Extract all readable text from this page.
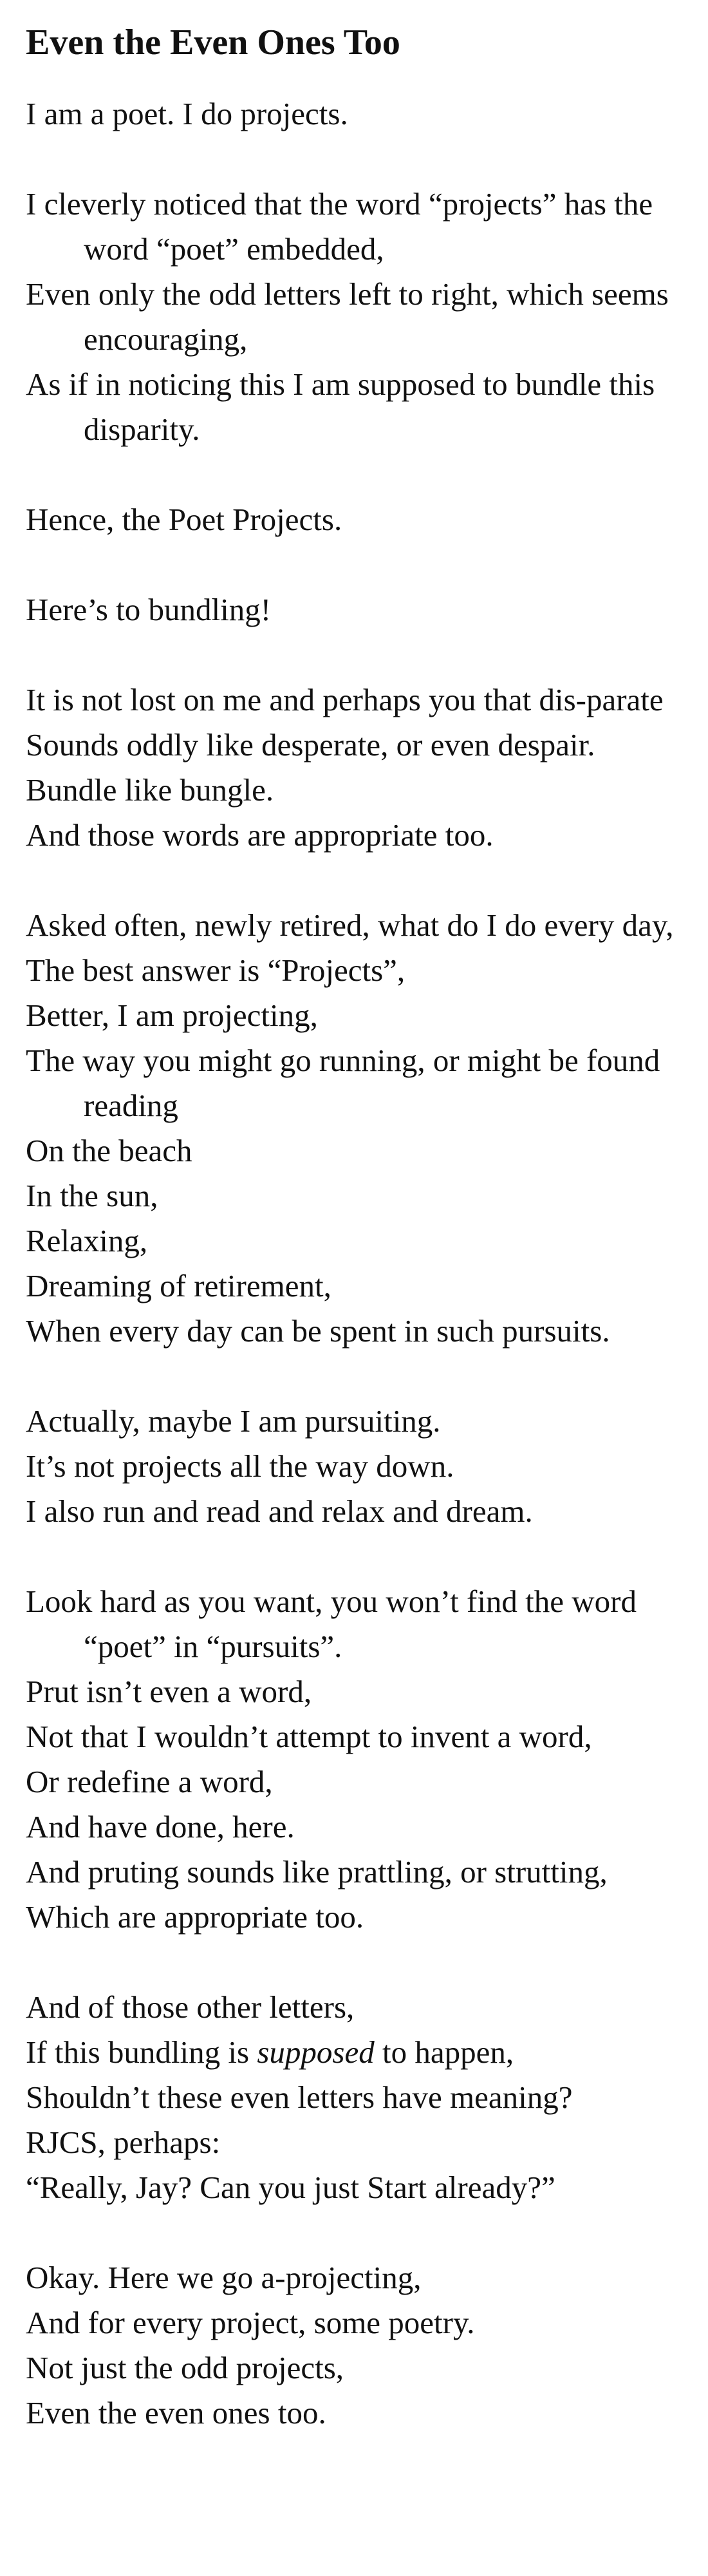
Even the Even Ones Too
I am a poet. I do projects.
I cleverly noticed that the word “projects” has the word “poet” embedded,
Even only the odd letters left to right, which seems encouraging,
As if in noticing this I am supposed to bundle this disparity.
Hence, the Poet Projects.
Here’s to bundling!
It is not lost on me and perhaps you that dis-parate
Sounds oddly like desperate, or even despair.
Bundle like bungle.
And those words are appropriate too.
Asked often, newly retired, what do I do every day,
The best answer is “Projects”,
Better, I am projecting,
The way you might go running, or might be found reading
On the beach
In the sun,
Relaxing,
Dreaming of retirement,
When every day can be spent in such pursuits.
Actually, maybe I am pursuiting.
It’s not projects all the way down.
I also run and read and relax and dream.
Look hard as you want, you won’t find the word “poet” in “pursuits”.
Prut isn’t even a word,
Not that I wouldn’t attempt to invent a word,
Or redefine a word,
And have done, here.
And pruting sounds like prattling, or strutting,
Which are appropriate too.
And of those other letters,
If this bundling is supposed to happen,
Shouldn’t these even letters have meaning?
RJCS, perhaps:
“Really, Jay? Can you just Start already?”
Okay. Here we go a-projecting,
And for every project, some poetry.
Not just the odd projects,
Even the even ones too.
